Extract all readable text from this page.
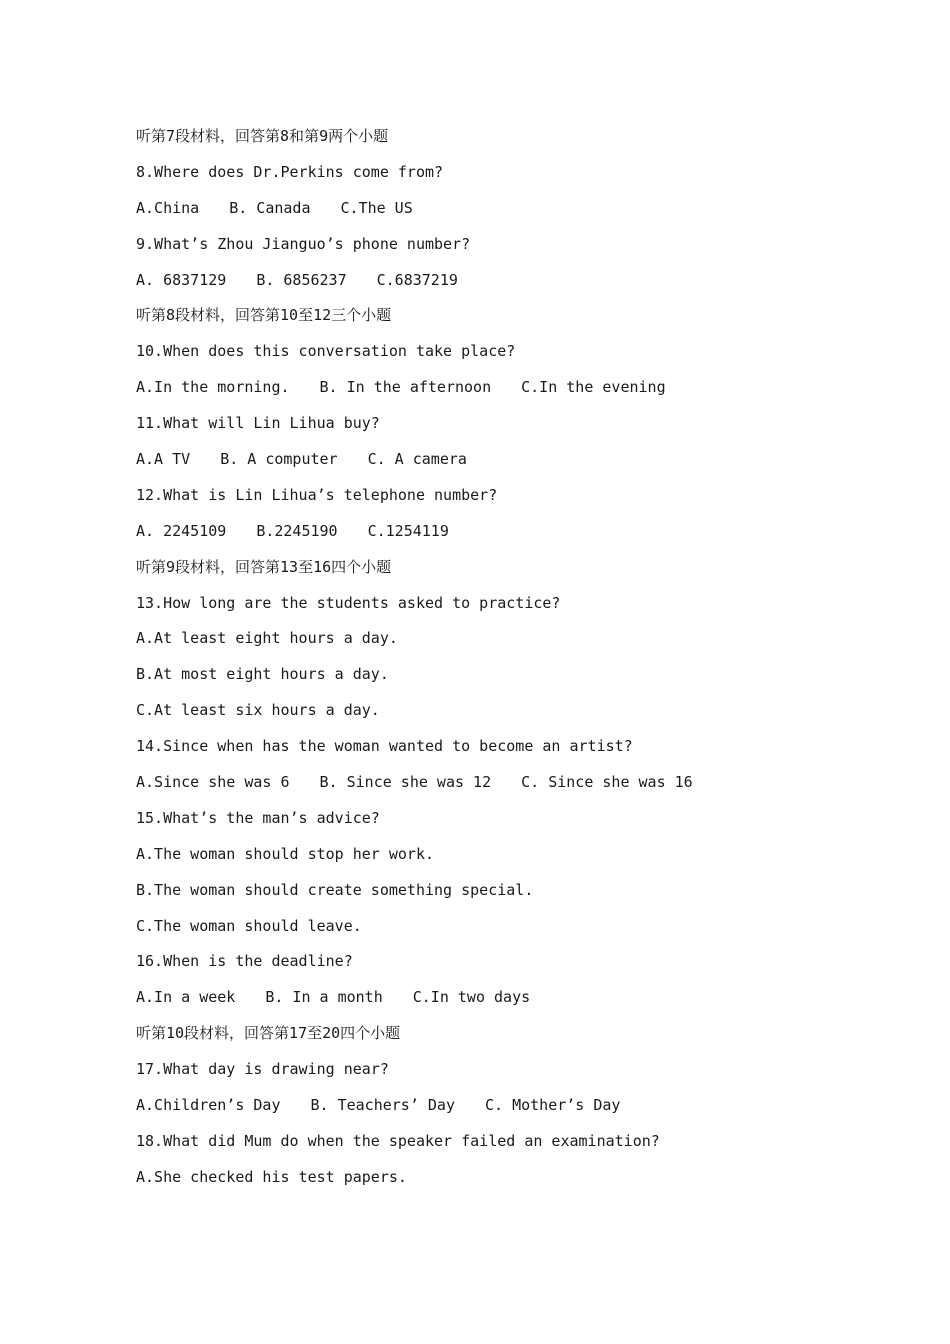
听第7段材料，回答第8和第9两个小题
8.Where does Dr.Perkins come from?
A.China B. Canada C.The US
9.What’s Zhou Jianguo’s phone number?
A. 6837129 B. 6856237 C.6837219
听第8段材料，回答第10至12三个小题
10.When does this conversation take place?
A.In the morning. B. In the afternoon C.In the evening
11.What will Lin Lihua buy?
A.A TV B. A computer C. A camera
12.What is Lin Lihua’s telephone number?
A. 2245109 B.2245190 C.1254119
听第9段材料，回答第13至16四个小题
13.How long are the students asked to practice?
A.At least eight hours a day.
B.At most eight hours a day.
C.At least six hours a day.
14.Since when has the woman wanted to become an artist?
A.Since she was 6 B. Since she was 12 C. Since she was 16
15.What’s the man’s advice?
A.The woman should stop her work.
B.The woman should create something special.
C.The woman should leave.
16.When is the deadline?
A.In a week B. In a month C.In two days
听第10段材料，回答第17至20四个小题
17.What day is drawing near?
A.Children’s Day B. Teachers’ Day C. Mother’s Day
18.What did Mum do when the speaker failed an examination?
A.She checked his test papers.
